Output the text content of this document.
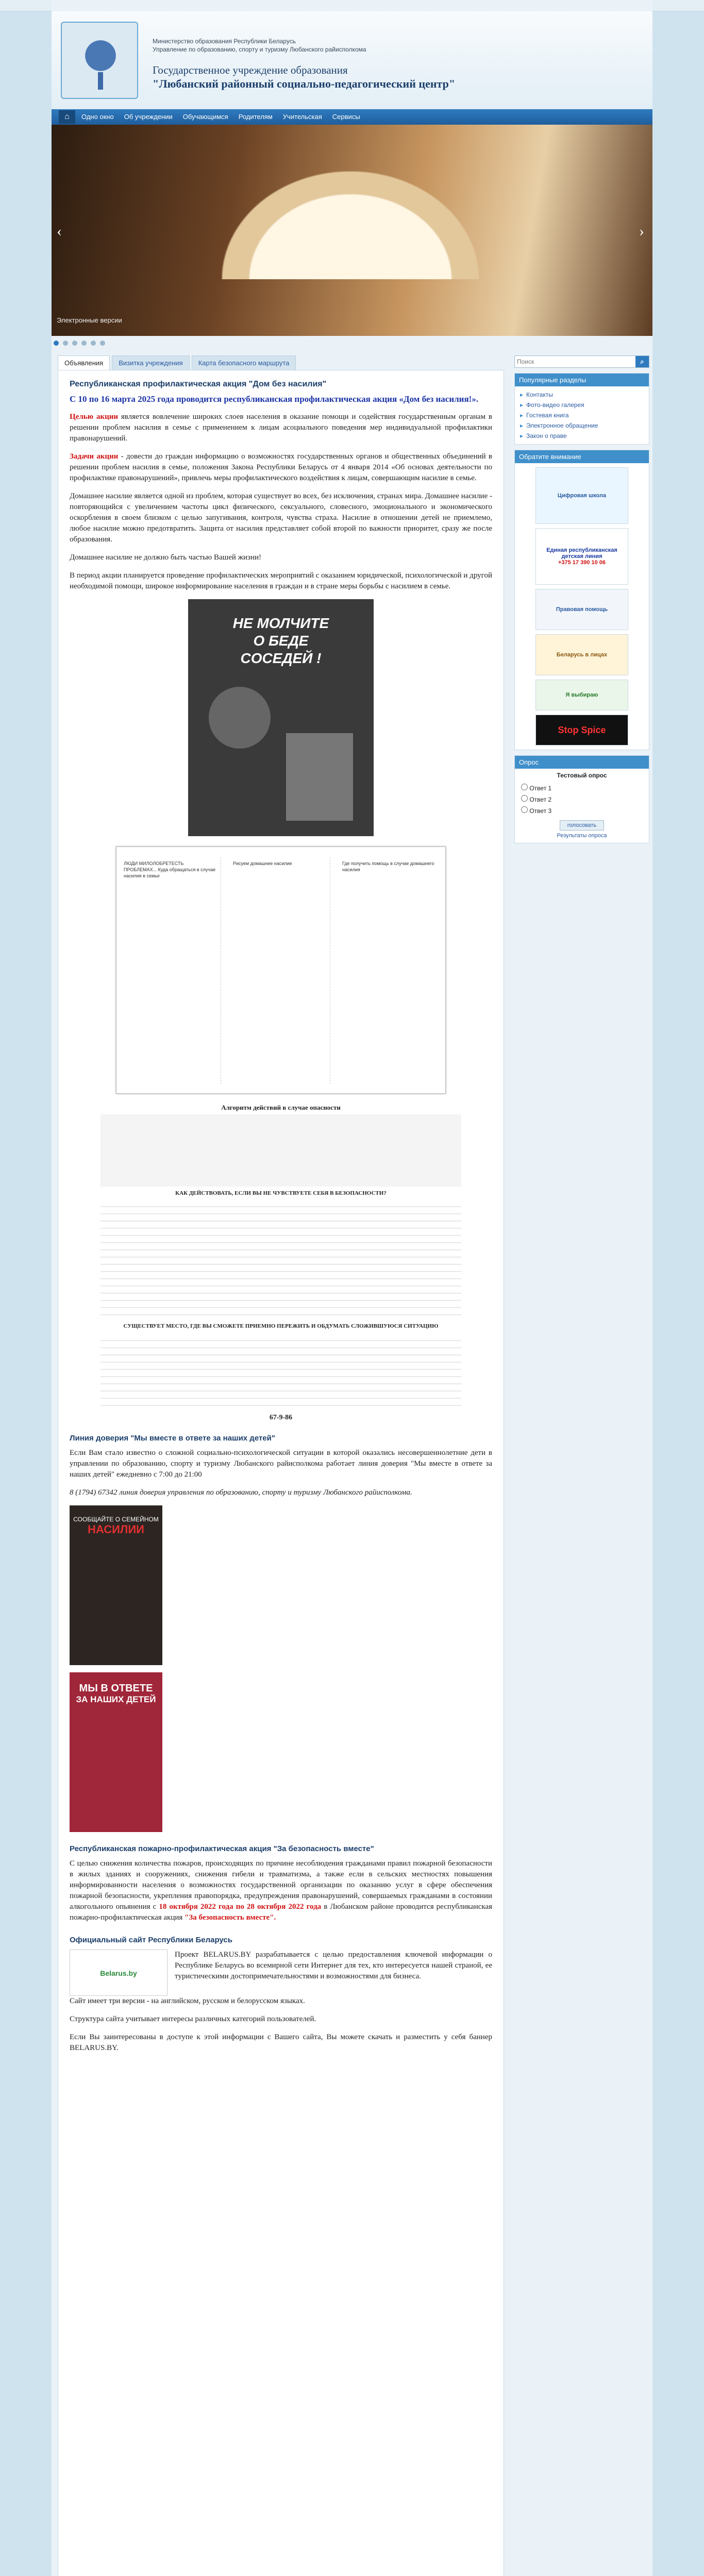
Министерство образования Республики Беларусь
Управление по образованию, спорту и туризму Любанского райисполкома
Государственное учреждение образования
"Любанский районный социально-педагогический центр"
⌂	Одно окно Об учреждении Обучающимся Родителям Учительская Сервисы
‹	›
Электронные версии
Объявления Визитка учреждения Карта безопасного маршрута
Республиканская профилактическая акция "Дом без насилия"
С 10 по 16 марта 2025 года проводится республиканская профилактическая акция «Дом без насилия!».

Целью акции является вовлечение широких слоев населения в оказание помощи и содействия государственным органам в решении проблем насилия в семье с применением к лицам асоциального поведения мер индивидуальной профилактики правонарушений.

Задачи акции - довести до граждан информацию о возможностях государственных органов и общественных объединений в решении проблем насилия в семье, положения Закона Республики Беларусь от 4 января 2014 «Об основах деятельности по профилактике правонарушений», привлечь меры профилактического воздействия к лицам, совершающим насилие в семье.

Домашнее насилие является одной из проблем, которая существует во всех, без исключения, странах мира. Домашнее насилие - повторяющийся с увеличением частоты цикл физического, сексуального, словесного, эмоционального и экономического оскорбления в своем близком с целью запугивания, контроля, чувства страха. Насилие в отношении детей не приемлемо, любое насилие можно предотвратить. Защита от насилия представляет собой второй по важности приоритет, сразу же после образования.

Домашнее насилие не должно быть частью Вашей жизни!

В период акции планируется проведение профилактических мероприятий с оказанием юридической, психологической и другой необходимой помощи, широкое информирование населения в граждан и в стране меры борьбы с насилием в семье.

НЕ МОЛЧИТЕ
О БЕДЕ
СОСЕДЕЙ !
ЛЮДИ МИЛОЛОБРЕТЕСТЬ ПРОБЛЕМАХ... Куда обращаться в случае насилия в семье
Рисуем домашнее насилие	Где получить помощь в случае домашнего насилия
Алгоритм действий в случае опасности
КАК ДЕЙСТВОВАТЬ, ЕСЛИ ВЫ НЕ ЧУВСТВУЕТЕ СЕБЯ В БЕЗОПАСНОСТИ?
СУЩЕСТВУЕТ МЕСТО, ГДЕ ВЫ СМОЖЕТЕ ПРИЕМНО ПЕРЕЖИТЬ И ОБДУМАТЬ СЛОЖИВШУЮСЯ СИТУАЦИЮ
67-9-86
Линия доверия "Мы вместе в ответе за наших детей"

Если Вам стало известно о сложной социально-психологической ситуации в которой оказались несовершеннолетние дети в управлении по образованию, спорту и туризму Любанского райисполкома работает линия доверия "Мы вместе в ответе за наших детей" ежедневно с 7:00 до 21:00

8 (1794) 67342 линия доверия управления по образованию, спорту и туризму Любанского райисполкома.

СООБЩАЙТЕ О СЕМЕЙНОМ
НАСИЛИИ
МЫ В ОТВЕТЕ
ЗА НАШИХ ДЕТЕЙ
Республиканская пожарно-профилактическая акция "За безопасность вместе"

С целью снижения количества пожаров, происходящих по причине несоблюдения гражданами правил пожарной безопасности в жилых зданиях и сооружениях, снижения гибели и травматизма, а также если в сельских местностях повышения информированности населения о возможностях государственной организации по оказанию услуг в сфере обеспечения пожарной безопасности, укрепления правопорядка, предупреждения правонарушений, совершаемых гражданами в состоянии алкогольного опьянения с 18 октября 2022 года по 28 октября 2022 года в Любанском районе проводится республиканская пожарно-профилактическая акция "За безопасность вместе".

Официальный сайт Республики Беларусь
Belarus.by

Проект BELARUS.BY разрабатывается с целью предоставления ключевой информации о Республике Беларусь во всемирной сети Интернет для тех, кто интересуется нашей страной, ее туристическими достопримечательностями и возможностями для бизнеса.

Сайт имеет три версии - на английском, русском и белорусском языках.

Структура сайта учитывает интересы различных категорий пользователей.

Если Вы заинтересованы в доступе к этой информации с Вашего сайта, Вы можете скачать и разместить у себя баннер BELARUS.BY.

Поиск
⌕
Популярные разделы
▸ Контакты
▸ Фото-видео галерея
▸ Гостевая книга
▸ Электронное обращение
▸ Закон о праве
Обратите внимание
Цифровая школа
Единая республиканская детская линия
+375 17 390 10 06
Правовая помощь
Беларусь в лицах
Я выбираю
Stop Spice
Опрос
Тестовый опрос
Ответ 1
Ответ 2
Ответ 3
голосовать
Результаты опроса
